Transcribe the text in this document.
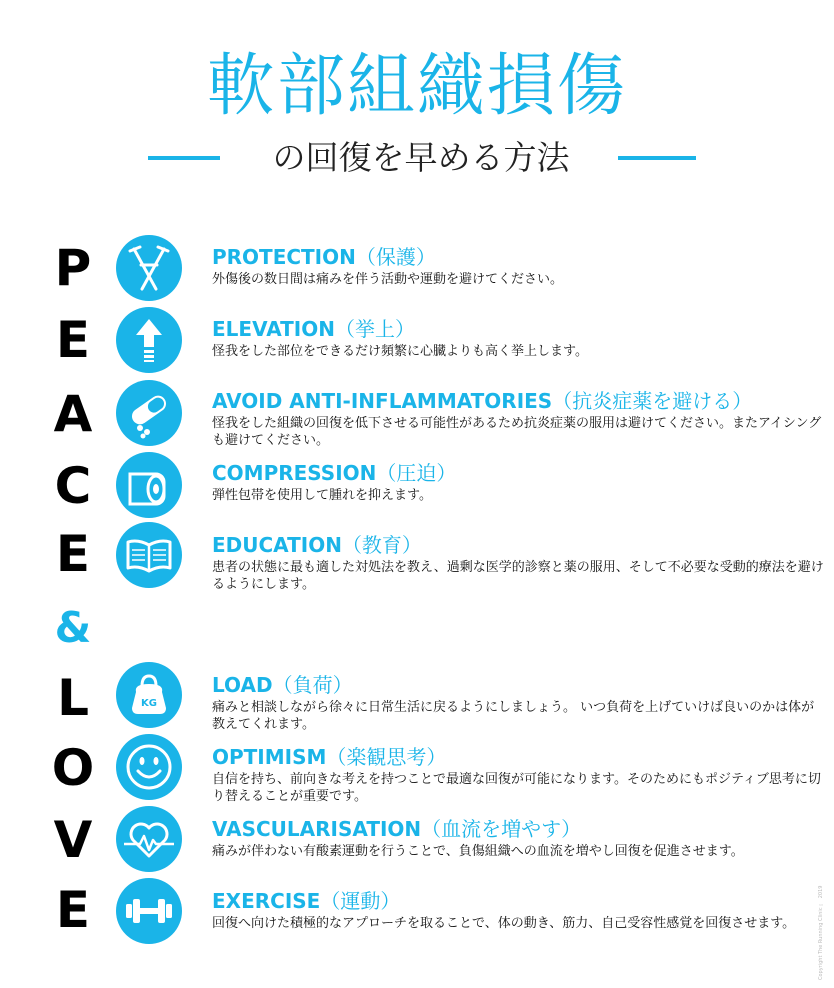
軟部組織損傷
の回復を早める方法
P
E
A
C
E
&
L
O
V
E
KG
PROTECTION（保護）
外傷後の数日間は痛みを伴う活動や運動を避けてください。
ELEVATION（挙上）
怪我をした部位をできるだけ頻繁に心臓よりも高く挙上します。
AVOID ANTI-INFLAMMATORIES（抗炎症薬を避ける）
怪我をした組織の回復を低下させる可能性があるため抗炎症薬の服用は避けてください。またアイシングも避けてください。
COMPRESSION（圧迫）
弾性包帯を使用して腫れを抑えます。
EDUCATION（教育）
患者の状態に最も適した対処法を教え、過剰な医学的診察と薬の服用、そして不必要な受動的療法を避けるようにします。
LOAD（負荷）
痛みと相談しながら徐々に日常生活に戻るようにしましょう。 いつ負荷を上げていけば良いのかは体が教えてくれます。
OPTIMISM（楽観思考）
自信を持ち、前向きな考えを持つことで最適な回復が可能になります。そのためにもポジティブ思考に切り替えることが重要です。
VASCULARISATION（血流を増やす）
痛みが伴わない有酸素運動を行うことで、負傷組織への血流を増やし回復を促進させます。
EXERCISE（運動）
回復へ向けた積極的なアプローチを取ることで、体の動き、筋力、自己受容性感覚を回復させます。	Copyright The Running Clinic ™ 2019
